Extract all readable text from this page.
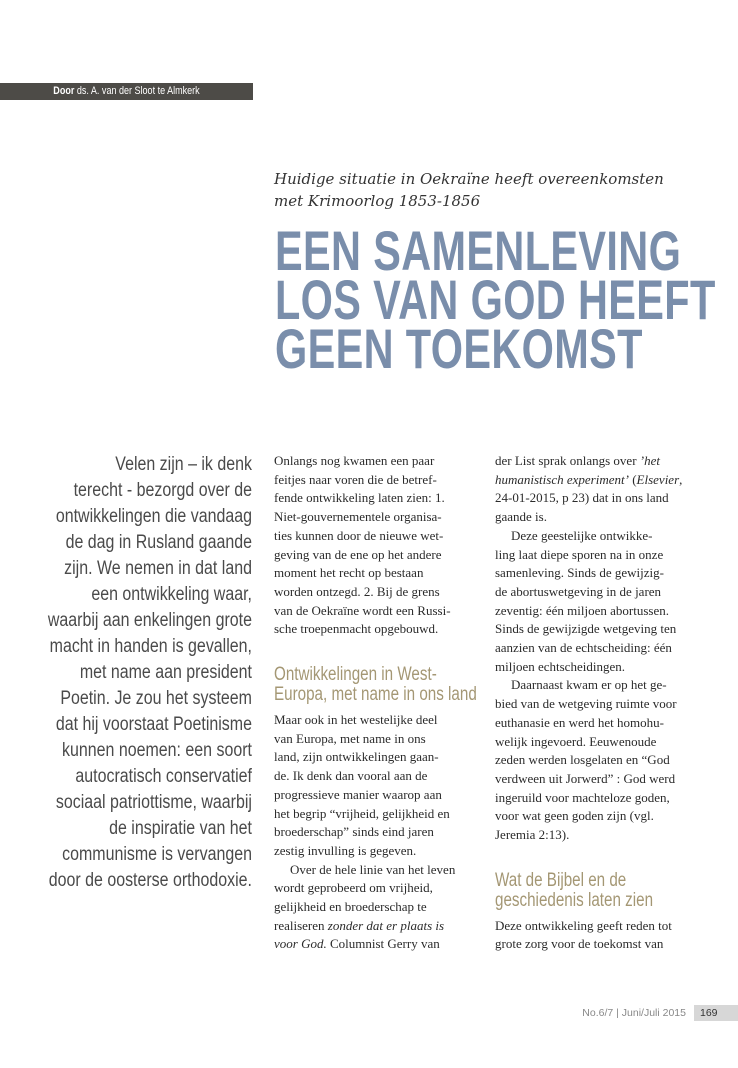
Door ds. A. van der Sloot te Almkerk
Huidige situatie in Oekraïne heeft overeenkomsten
met Krimoorlog 1853-1856
EEN SAMENLEVING
LOS VAN GOD HEEFT
GEEN TOEKOMST
Velen zijn – ik denk
terecht - bezorgd over de
ontwikkelingen die vandaag
de dag in Rusland gaande
zijn. We nemen in dat land
een ontwikkeling waar,
waarbij aan enkelingen grote
macht in handen is gevallen,
met name aan president
Poetin. Je zou het systeem
dat hij voorstaat Poetinisme
kunnen noemen: een soort
autocratisch conservatief
sociaal patriottisme, waarbij
de inspiratie van het
communisme is vervangen
door de oosterse orthodoxie.
Onlangs nog kwamen een paar
feitjes naar voren die de betref-
fende ontwikkeling laten zien: 1.
Niet-gouvernementele organisa-
ties kunnen door de nieuwe wet-
geving van de ene op het andere
moment het recht op bestaan
worden ontzegd. 2. Bij de grens
van de Oekraïne wordt een Russi-
sche troepenmacht opgebouwd.
Ontwikkelingen in West-
Europa, met name in ons land
Maar ook in het westelijke deel
van Europa, met name in ons
land, zijn ontwikkelingen gaan-
de. Ik denk dan vooral aan de
progressieve manier waarop aan
het begrip “vrijheid, gelijkheid en
broederschap” sinds eind jaren
zestig invulling is gegeven.
Over de hele linie van het leven
wordt geprobeerd om vrijheid,
gelijkheid en broederschap te
realiseren zonder dat er plaats is
voor God. Columnist Gerry van
der List sprak onlangs over ’het
humanistisch experiment’ (Elsevier,
24-01-2015, p 23) dat in ons land
gaande is.
Deze geestelijke ontwikke-
ling laat diepe sporen na in onze
samenleving. Sinds de gewijzig-
de abortuswetgeving in de jaren
zeventig: één miljoen abortussen.
Sinds de gewijzigde wetgeving ten
aanzien van de echtscheiding: één
miljoen echtscheidingen.
Daarnaast kwam er op het ge-
bied van de wetgeving ruimte voor
euthanasie en werd het homohu-
welijk ingevoerd. Eeuwenoude
zeden werden losgelaten en “God
verdween uit Jorwerd” : God werd
ingeruild voor machteloze goden,
voor wat geen goden zijn (vgl.
Jeremia 2:13).
Wat de Bijbel en de
geschiedenis laten zien
Deze ontwikkeling geeft reden tot
grote zorg voor de toekomst van
No.6/7 | Juni/Juli 2015	169
